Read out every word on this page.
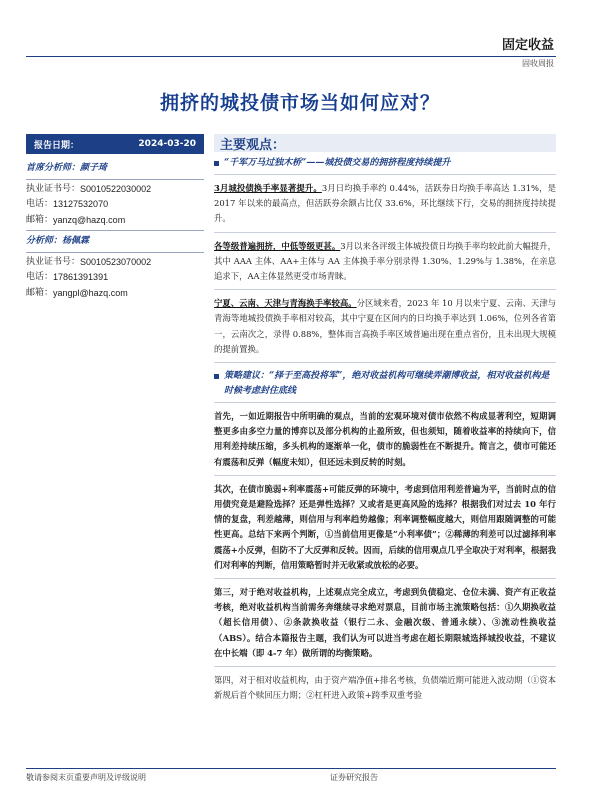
固定收益
固收周报
拥挤的城投债市场当如何应对？
报告日期：	2024-03-20
首席分析师：颜子琦
执业证书号： S0010522030002
电话： 13127532070
邮箱： yanzq@hazq.com
分析师：杨佩霖
执业证书号： S0010523070002
电话： 17861391391
邮箱： yangpl@hazq.com
主要观点：
“千军万马过独木桥”——城投债交易的拥挤程度持续提升

3月城投债换手率显著提升。3月日均换手率约 0.44%，活跃券日均换手率高达 1.31%，是 2017 年以来的最高点，但活跃券余额占比仅 33.6%，环比继续下行，交易的拥挤度持续提升。

各等级普遍拥挤，中低等级更甚。3月以来各评级主体城投债日均换手率均较此前大幅提升，其中 AAA 主体、AA+主体与 AA 主体换手率分别录得 1.30%、1.29%与 1.38%，在亲息追求下，AA主体显然更受市场青睐。

宁夏、云南、天津与青海换手率较高。分区域来看，2023 年 10 月以来宁夏、云南、天津与青海等地城投债换手率相对较高，其中宁夏在区间内的日均换手率达到 1.06%，位列各省第一，云南次之，录得 0.88%，整体而言高换手率区域普遍出现在重点省份，且未出现大规模的提前置换。

策略建议：“择于至高投将军”，绝对收益机构可继续弄潮博收益，相对收益机构是时候考虑封住底线

首先，一如近期报告中所明确的观点，当前的宏观环境对债市依然不构成显著利空，短期调整更多由多空力量的博弈以及部分机构的止盈所致，但也须知，随着收益率的持续向下，信用利差持续压缩，多头机构的逐渐单一化，债市的脆弱性在不断提升。简言之，债市可能还有震荡和反弹（幅度未知），但还远未到反转的时刻。

其次，在债市脆弱+利率震荡+可能反弹的环境中，考虑到信用利差普遍为平，当前时点的信用债究竟是避险选择？还是弹性选择？又或者是更高风险的选择？根据我们对过去 10 年行情的复盘，利差越薄，则信用与利率趋势越像；利率调整幅度越大，则信用跟随调整的可能性更高。总结下来两个判断，①当前信用更像是“小利率债”；②稀薄的利差可以过滤择利率震荡+小反弹，但防不了大反弹和反转。因而，后续的信用观点几乎全取决于对利率，根据我们对利率的判断，信用策略暂时并无收紧或放松的必要。

第三，对于绝对收益机构，上述观点完全成立，考虑到负债稳定、仓位未满、资产有正收益考核，绝对收益机构当前需务奔继续寻求绝对票息，目前市场主流策略包括：①久期换收益（超长信用债）、②条款换收益（银行二永、金融次级、普通永续）、③流动性换收益（ABS）。结合本篇报告主题，我们认为可以进当考虑在超长期限城选择城投收益，不建议在中长端（即 4-7 年）做所谓的均衡策略。

第四，对于相对收益机构，由于资产端净值+排名考核，负债端近期可能进入波动期（①资本新规后首个赎回压力期；②杠杆进入政策+跨季双重考验

敬请参阅末页重要声明及评级说明	证券研究报告
